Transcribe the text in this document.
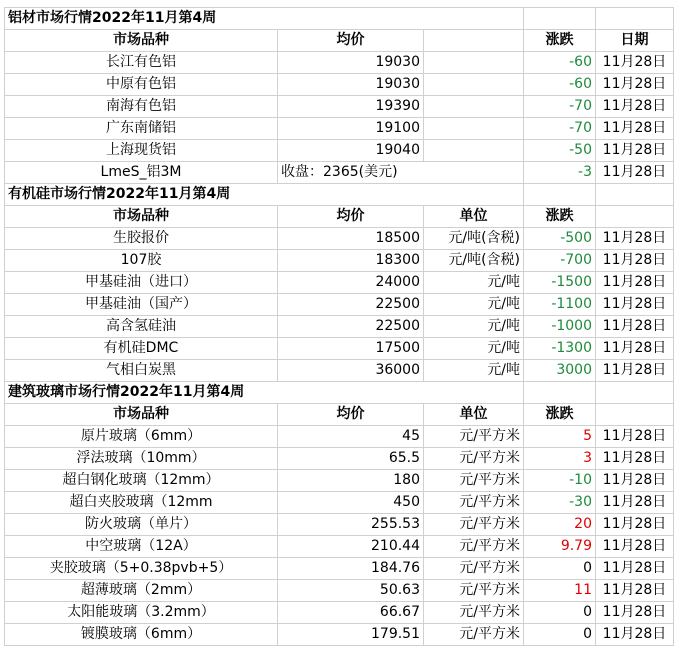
铝材市场行情2022年11月第4周				
市场品种	均价		涨跌	日期
长江有色铝	19030		-60	11月28日
中原有色铝	19030		-60	11月28日
南海有色铝	19390		-70	11月28日
广东南储铝	19100		-70	11月28日
上海现货铝	19040		-50	11月28日
LmeS_铝3M	收盘：2365(美元)		-3	11月28日
有机硅市场行情2022年11月第4周				
市场品种	均价	单位	涨跌	
生胶报价	18500	元/吨(含税)	-500	11月28日
107胶	18300	元/吨(含税)	-700	11月28日
甲基硅油（进口）	24000	元/吨	-1500	11月28日
甲基硅油（国产）	22500	元/吨	-1100	11月28日
高含氢硅油	22500	元/吨	-1000	11月28日
有机硅DMC	17500	元/吨	-1300	11月28日
气相白炭黑	36000	元/吨	3000	11月28日
建筑玻璃市场行情2022年11月第4周				
市场品种	均价	单位	涨跌	
原片玻璃（6mm）	45	元/平方米	5	11月28日
浮法玻璃（10mm）	65.5	元/平方米	3	11月28日
超白钢化玻璃（12mm）	180	元/平方米	-10	11月28日
超白夹胶玻璃（12mm	450	元/平方米	-30	11月28日
防火玻璃（单片）	255.53	元/平方米	20	11月28日
中空玻璃（12A）	210.44	元/平方米	9.79	11月28日
夹胶玻璃（5+0.38pvb+5）	184.76	元/平方米	0	11月28日
超薄玻璃（2mm）	50.63	元/平方米	11	11月28日
太阳能玻璃（3.2mm）	66.67	元/平方米	0	11月28日
镀膜玻璃（6mm）	179.51	元/平方米	0	11月28日
